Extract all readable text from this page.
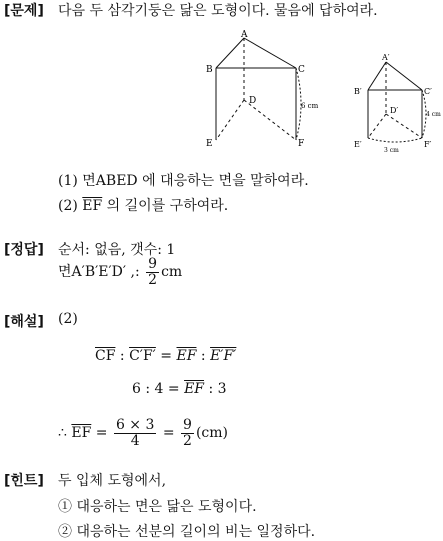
[문제] 다음 두 삼각기둥은 닮은 도형이다. 물음에 답하여라.
A
B	C
D
E	F
6 cm
A′
B′	C′
D′
E′	F′
4 cm
3 cm
(1) 면ABED 에 대응하는 면을 말하여라.
(2) $\overline{EF}$ 의 길이를 구하여라.
[정답] 순서: 없음, 갯수: 1
면A′B′E′D′ ,: $\frac{9}{2}$ cm
[해설] (2)
$\overline{CF}$ : $C'F' = \overline{EF}$ : E′F′
6 : $4 = \overline{EF}$ : 3
∴ $\overline{EF} = \frac{6 \times 3}{4} = \frac{9}{2} (cm)$
[힌트] 두 입체 도형에서,
① 대응하는 면은 닮은 도형이다.
② 대응하는 선분의 길이의 비는 일정하다.
